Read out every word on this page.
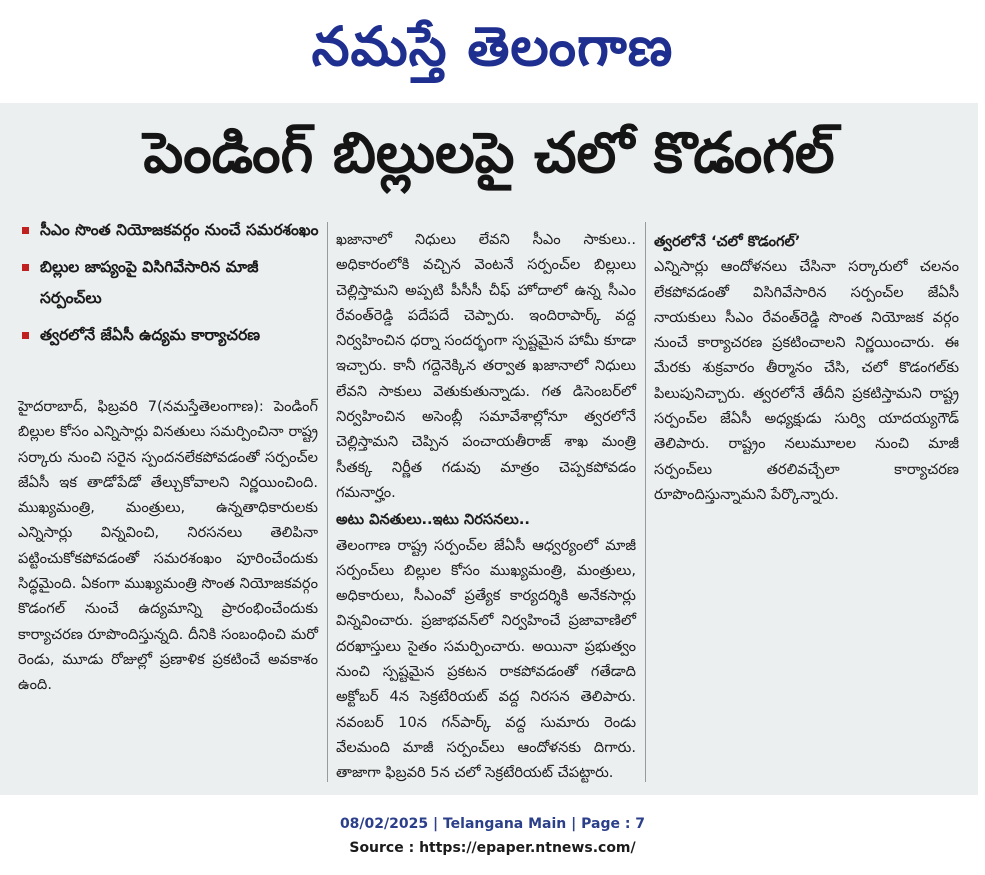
నమస్తే తెలంగాణ
పెండింగ్ బిల్లులపై చలో కొడంగల్
సీఎం సొంత నియోజకవర్గం నుంచే సమరశంఖం
బిల్లుల జాప్యంపై విసిగివేసారిన మాజీ సర్పంచ్‌లు
త్వరలోనే జేఏసీ ఉద్యమ కార్యాచరణ

హైదరాబాద్, ఫిబ్రవరి 7(నమస్తేతెలంగాణ): పెండింగ్ బిల్లుల కోసం ఎన్నిసార్లు వినతులు సమర్పించినా రాష్ట్ర సర్కారు నుంచి సరైన స్పందనలేకపోవడంతో సర్పంచ్‌ల జేఏసీ ఇక తాడోపేడో తేల్చుకోవాలని నిర్ణయించింది. ముఖ్యమంత్రి, మంత్రులు, ఉన్నతాధికారులకు ఎన్నిసార్లు విన్నవించి, నిరసనలు తెలిపినా పట్టించుకోకపోవడంతో సమరశంఖం పూరించేందుకు సిద్ధమైంది. ఏకంగా ముఖ్యమంత్రి సొంత నియోజకవర్గం కొడంగల్ నుంచే ఉద్యమాన్ని ప్రారంభించేందుకు కార్యాచరణ రూపొందిస్తున్నది. దీనికి సంబంధించి మరో రెండు, మూడు రోజుల్లో ప్రణాళిక ప్రకటించే అవకాశం ఉంది.

ఖజానాలో నిధులు లేవని సీఎం సాకులు.. అధికారంలోకి వచ్చిన వెంటనే సర్పంచ్‌ల బిల్లులు చెల్లిస్తామని అప్పటి పీసీసీ చీఫ్ హోదాలో ఉన్న సీఎం రేవంత్‌రెడ్డి పదేపదే చెప్పారు. ఇందిరాపార్క్ వద్ద నిర్వహించిన ధర్నా సందర్భంగా స్పష్టమైన హామీ కూడా ఇచ్చారు. కానీ గద్దెనెక్కిన తర్వాత ఖజానాలో నిధులు లేవని సాకులు వెతుకుతున్నాడు. గత డిసెంబర్‌లో నిర్వహించిన అసెంబ్లీ సమావేశాల్లోనూ త్వరలోనే చెల్లిస్తామని చెప్పిన పంచాయతీరాజ్ శాఖ మంత్రి సీతక్క నిర్ణీత గడువు మాత్రం చెప్పకపోవడం గమనార్హం.

అటు వినతులు..ఇటు నిరసనలు..

తెలంగాణ రాష్ట్ర సర్పంచ్‌ల జేఏసీ ఆధ్వర్యంలో మాజీ సర్పంచ్‌లు బిల్లుల కోసం ముఖ్యమంత్రి, మంత్రులు, అధికారులు, సీఎంవో ప్రత్యేక కార్యదర్శికి అనేకసార్లు విన్నవించారు. ప్రజాభవన్‌లో నిర్వహించే ప్రజావాణిలో దరఖాస్తులు సైతం సమర్పించారు. అయినా ప్రభుత్వం నుంచి స్పష్టమైన ప్రకటన రాకపోవడంతో గతేడాది అక్టోబర్ 4న సెక్రటేరియట్ వద్ద నిరసన తెలిపారు. నవంబర్ 10న గన్‌పార్క్ వద్ద సుమారు రెండు వేలమంది మాజీ సర్పంచ్‌లు ఆందోళనకు దిగారు. తాజాగా ఫిబ్రవరి 5న చలో సెక్రటేరియట్ చేపట్టారు.

త్వరలోనే ‘చలో కొడంగల్’

ఎన్నిసార్లు ఆందోళనలు చేసినా సర్కారులో చలనం లేకపోవడంతో విసిగివేసారిన సర్పంచ్‌ల జేఏసీ నాయకులు సీఎం రేవంత్‌రెడ్డి సొంత నియోజక వర్గం నుంచే కార్యాచరణ ప్రకటించాలని నిర్ణయించారు. ఈ మేరకు శుక్రవారం తీర్మానం చేసి, చలో కొడంగల్‌కు పిలుపునిచ్చారు. త్వరలోనే తేదీని ప్రకటిస్తామని రాష్ట్ర సర్పంచ్‌ల జేఏసీ అధ్యక్షుడు సుర్వి యాదయ్యగౌడ్ తెలిపారు. రాష్ట్రం నలుమూలల నుంచి మాజీ సర్పంచ్‌లు తరలివచ్చేలా కార్యాచరణ రూపొందిస్తున్నామని పేర్కొన్నారు.

08/02/2025 | Telangana Main | Page : 7
Source : https://epaper.ntnews.com/
